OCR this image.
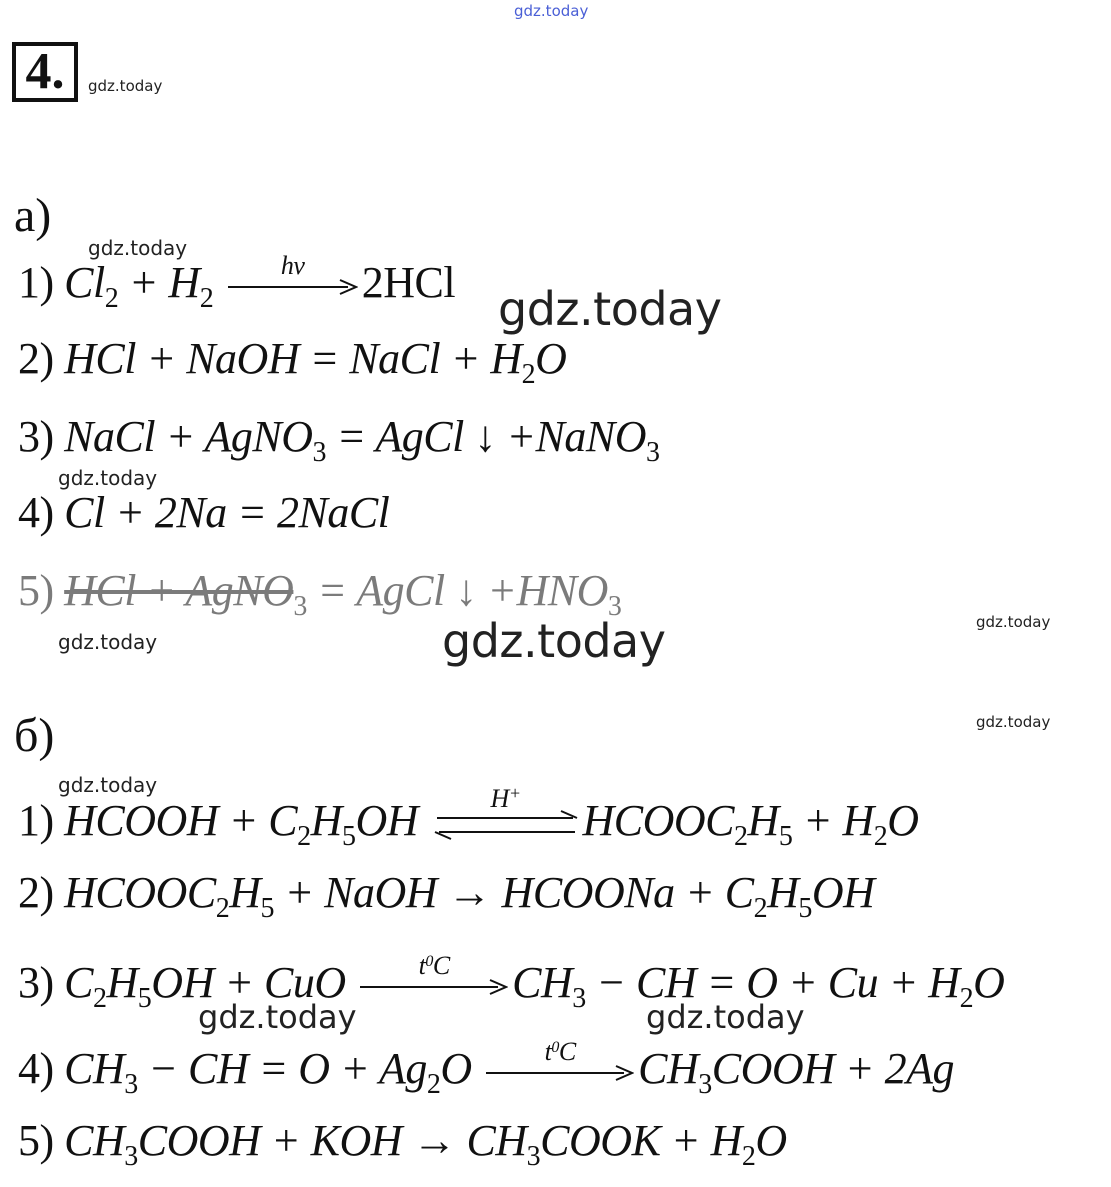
gdz.today
gdz.today
gdz.today
gdz.today
gdz.today
gdz.today	gdz.today	gdz.today
gdz.today
gdz.today
gdz.today	gdz.today
4.
а)
1) $Cl_2 + H_2$
hv	2HCl
2) HCl + NaOH = NaCl + $H_2O$
3) NaCl + AgNO$_3$ = AgCl ↓ +NaNO$_3$
4) Cl + 2Na = 2NaCl
5) HCl + AgNO$_3$ = AgCl ↓ $+HNO_3$
б)
1) HCOOH + $C_2H_5OH$	H+
$HCOOC_2H_5 + H_2O$
2) $HCOOC_2H_5$ + NaOH → HCOONa + $C_2H_5OH$
3) $C_2H_5OH$ + CuO	$t^0C$	$CH_3$ − CH = $O + Cu + H_2O$
4) $CH_3$ − CH = $O + Ag_2O$	$t^0C$	$CH_3COOH + 2Ag$
5) $CH_3COOH$ + KOH → $CH_3COOK + H_2O$
